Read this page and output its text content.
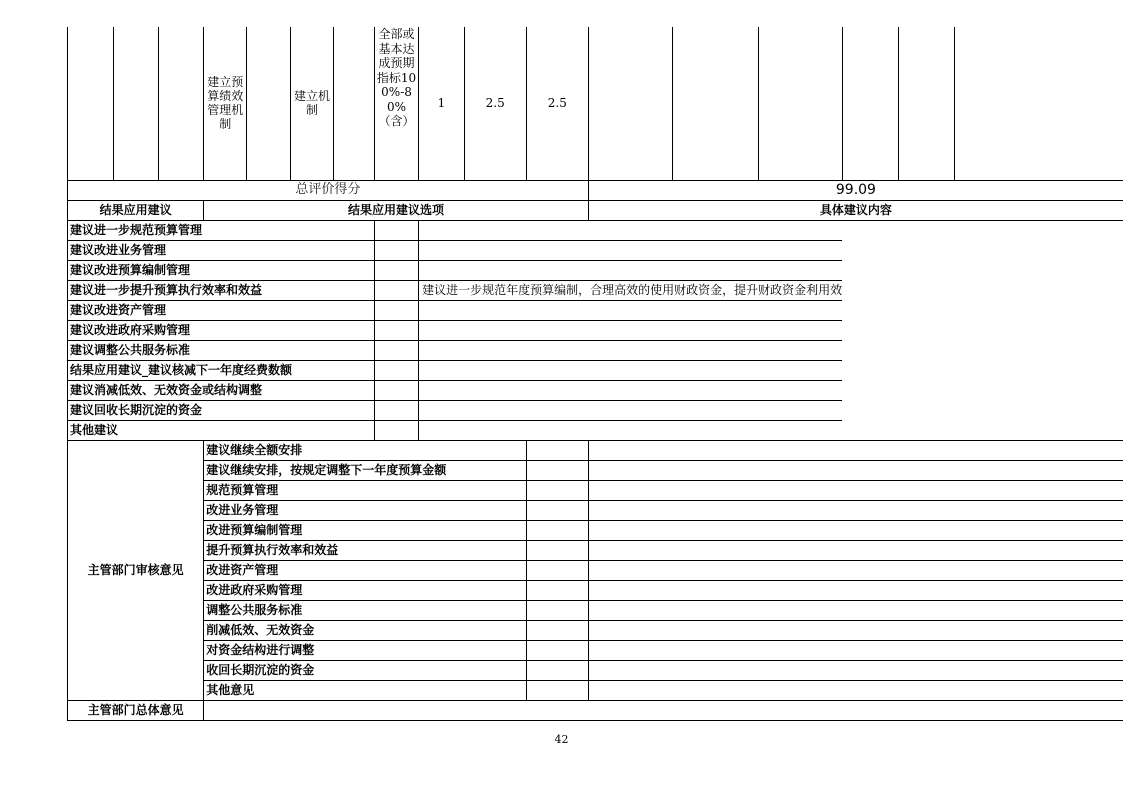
			建立预算绩效管理机制		建立机制		全部或基本达成预期指标100%-80%（含）	1	2.5	2.5						
总评价得分											99.09					
结果应用建议			结果应用建议选项								具体建议内容					
建议进一步规范预算管理																
建议改进业务管理																
建议改进预算编制管理																
建议进一步提升预算执行效率和效益								建议进一步规范年度预算编制，合理高效的使用财政资金，提升财政资金利用效								
建议改进资产管理																
建议改进政府采购管理																
建议调整公共服务标准																
结果应用建议_建议核减下一年度经费数额																
建议消减低效、无效资金或结构调整																
建议回收长期沉淀的资金																
其他建议																
主管部门审核意见			建议继续全额安排													
			建议继续安排，按规定调整下一年度预算金额													
			规范预算管理													
			改进业务管理													
			改进预算编制管理													
			提升预算执行效率和效益													
			改进资产管理													
			改进政府采购管理													
			调整公共服务标准													
			削减低效、无效资金													
			对资金结构进行调整													
			收回长期沉淀的资金													
			其他意见													
主管部门总体意见																
42
